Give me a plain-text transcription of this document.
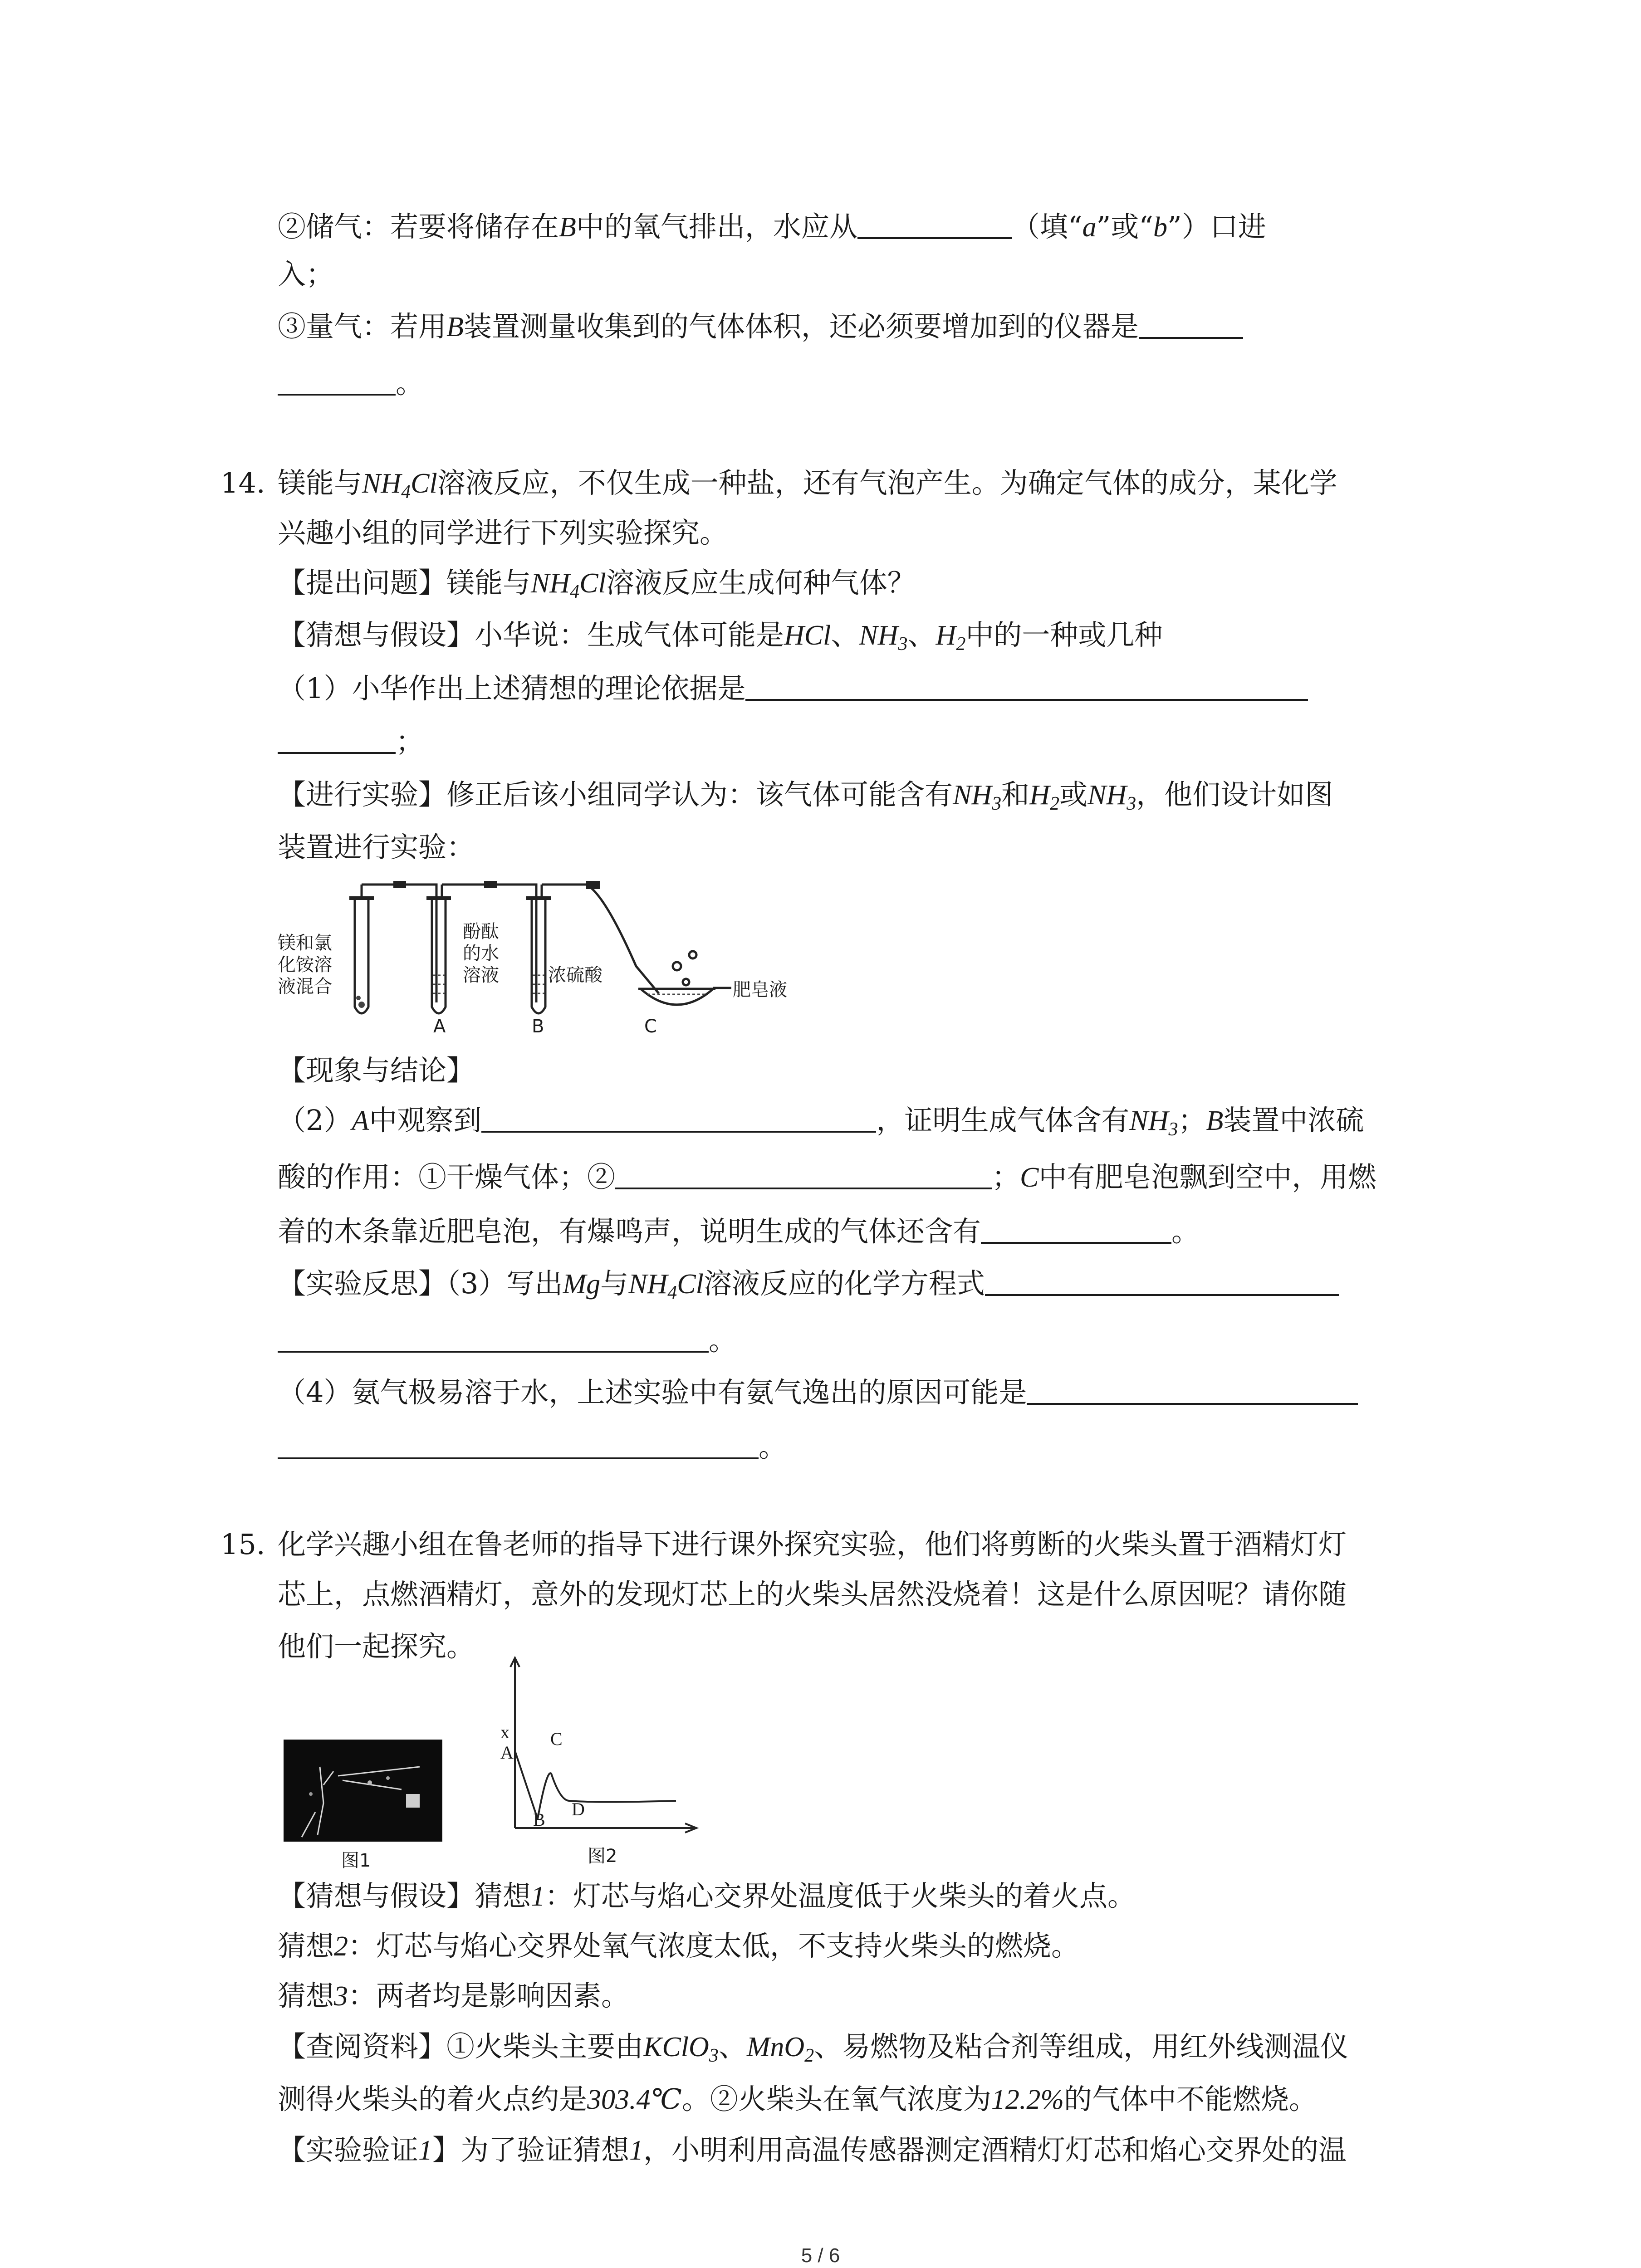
②储气：若要将储存在B中的氧气排出，水应从	（填“a”或“b”）口进
入；
③量气：若用B装置测量收集到的气体体积，还必须要增加到的仪器是
。
14. 镁能与$NH_4Cl$溶液反应，不仅生成一种盐，还有气泡产生。为确定气体的成分，某化学
兴趣小组的同学进行下列实验探究。
【提出问题】镁能与$NH_4Cl$溶液反应生成何种气体？
【猜想与假设】小华说：生成气体可能是HCl、$NH_3$、$H_2$中的一种或几种
（1）小华作出上述猜想的理论依据是
；
【进行实验】修正后该小组同学认为：该气体可能含有$NH_3$和$H_2$或$NH_3$，他们设计如图
装置进行实验：
镁和氯
化铵溶
液混合
酚酞
的水
溶液	浓硫酸
肥皂液
A	B	C
【现象与结论】
（2）A中观察到	，证明生成气体含有$NH_3$；B装置中浓硫
酸的作用：①干燥气体；②	；C中有肥皂泡飘到空中，用燃
着的木条靠近肥皂泡，有爆鸣声，说明生成的气体还含有	。
【实验反思】（3）写出Mg与$NH_4Cl$溶液反应的化学方程式
。
（4）氨气极易溶于水，上述实验中有氨气逸出的原因可能是
。
15. 化学兴趣小组在鲁老师的指导下进行课外探究实验，他们将剪断的火柴头置于酒精灯灯
芯上，点燃酒精灯，意外的发现灯芯上的火柴头居然没烧着！这是什么原因呢？请你随
他们一起探究。
x
A
C
B
D
图1	图2
【猜想与假设】猜想1：灯芯与焰心交界处温度低于火柴头的着火点。
猜想2：灯芯与焰心交界处氧气浓度太低，不支持火柴头的燃烧。
猜想3：两者均是影响因素。
【查阅资料】①火柴头主要由KClO$_3$、MnO$_2$、易燃物及粘合剂等组成，用红外线测温仪
测得火柴头的着火点约是303.4℃。②火柴头在氧气浓度为12.2%的气体中不能燃烧。
【实验验证1】为了验证猜想1，小明利用高温传感器测定酒精灯灯芯和焰心交界处的温
5 / 6
